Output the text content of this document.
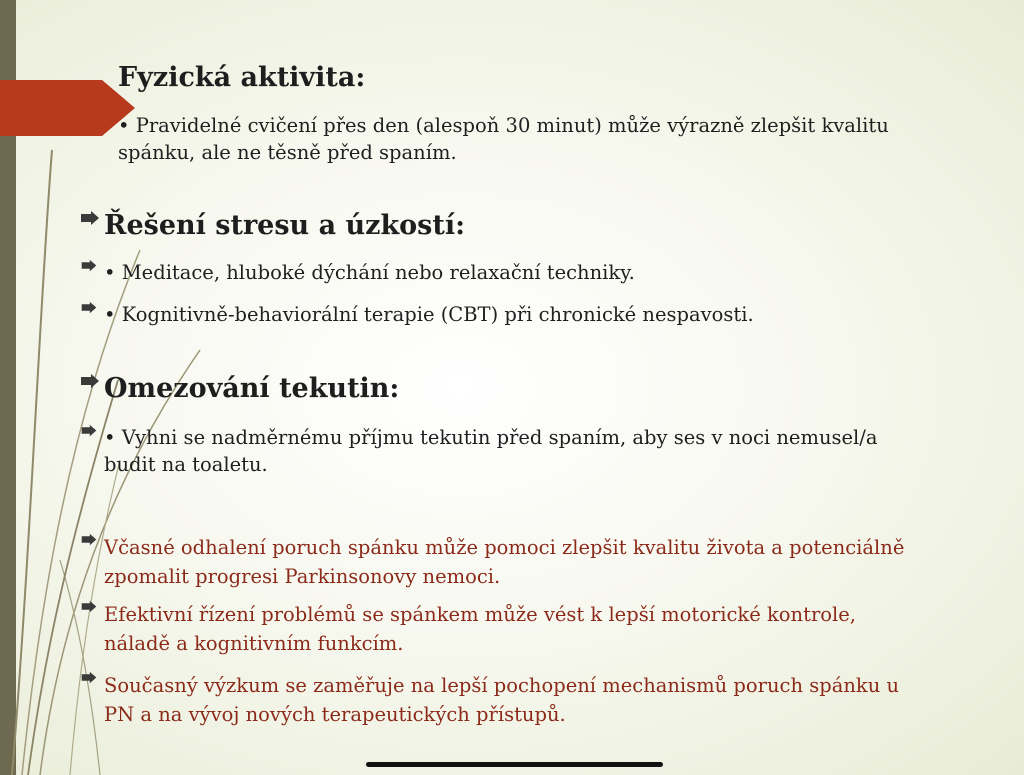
Fyzická aktivita:
• Pravidelné cvičení přes den (alespoň 30 minut) může výrazně zlepšit kvalitu spánku, ale ne těsně před spaním.
Řešení stresu a úzkostí:
• Meditace, hluboké dýchání nebo relaxační techniky.
• Kognitivně-behaviorální terapie (CBT) při chronické nespavosti.
Omezování tekutin:
• Vyhni se nadměrnému příjmu tekutin před spaním, aby ses v noci nemusel/a budit na toaletu.
Včasné odhalení poruch spánku může pomoci zlepšit kvalitu života a potenciálně zpomalit progresi Parkinsonovy nemoci.
Efektivní řízení problémů se spánkem může vést k lepší motorické kontrole, náladě a kognitivním funkcím.
Současný výzkum se zaměřuje na lepší pochopení mechanismů poruch spánku u PN a na vývoj nových terapeutických přístupů.
